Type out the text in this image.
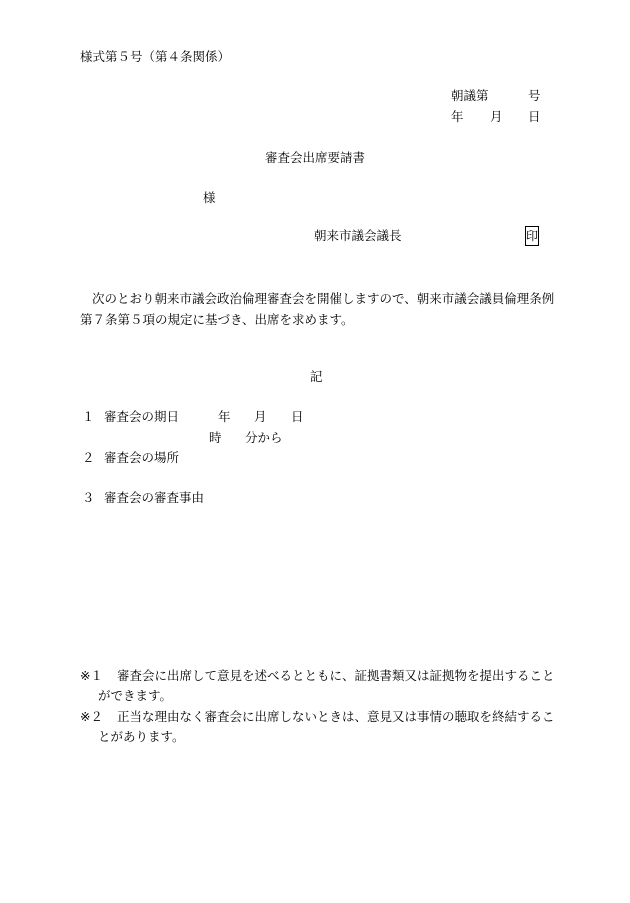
様式第５号（第４条関係）
朝議第	号
年 月 日
審査会出席要請書
様
朝来市議会議長	印
次のとおり朝来市議会政治倫理審査会を開催しますので、朝来市議会議員倫理条例
第７条第５項の規定に基づき、出席を求めます。
記
１ 審査会の期日	年 月 日
時 分から
２ 審査会の場所
３ 審査会の審査事由
※１ 審査会に出席して意見を述べるとともに、証拠書類又は証拠物を提出すること
ができます。
※２ 正当な理由なく審査会に出席しないときは、意見又は事情の聴取を終結するこ
とがあります。
